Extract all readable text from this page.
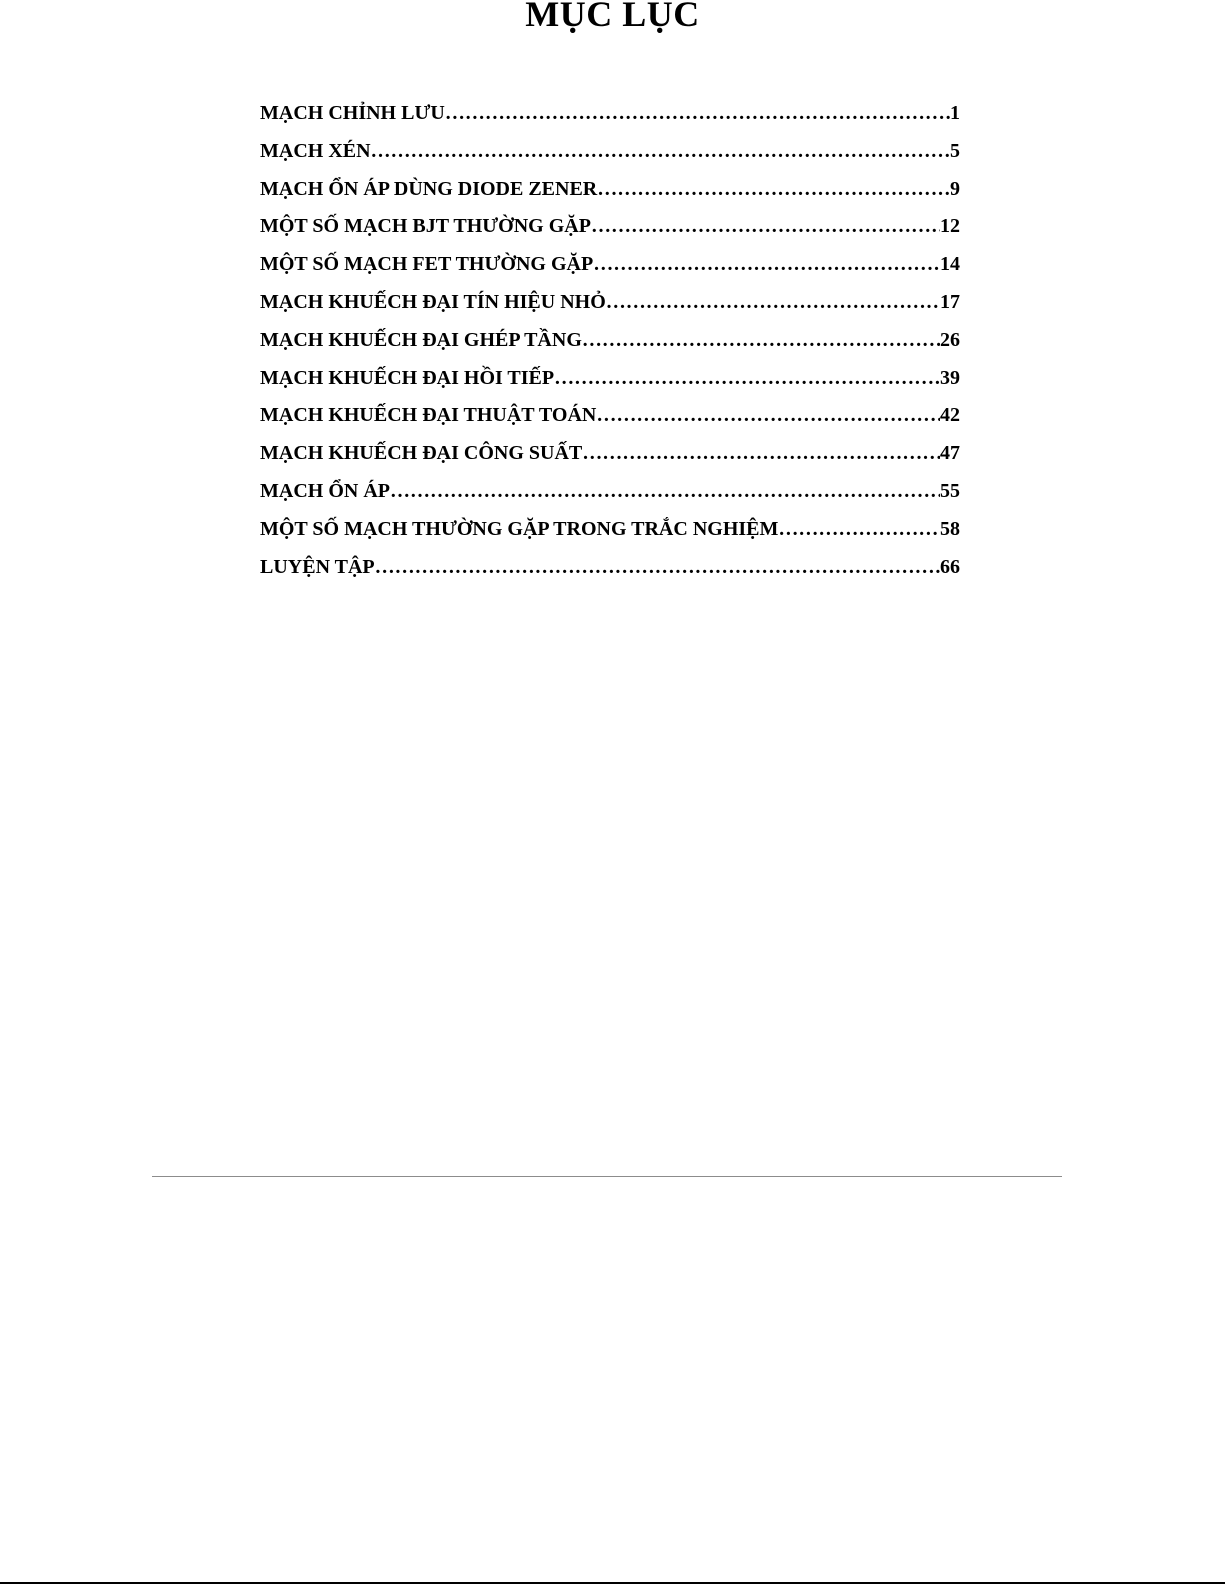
MỤC LỤC
MẠCH CHỈNH LƯU ……………………………………………………………………………………………………………………………………………………………………………………………………………………	1
MẠCH XÉN ……………………………………………………………………………………………………………………………………………………………………………………………………………………	5
MẠCH ỔN ÁP DÙNG DIODE ZENER ……………………………………………………………………………………………………………………………………………………………………………………………………………………	9
MỘT SỐ MẠCH BJT THƯỜNG GẶP ……………………………………………………………………………………………………………………………………………………………………………………………………………………	12
MỘT SỐ MẠCH FET THƯỜNG GẶP ……………………………………………………………………………………………………………………………………………………………………………………………………………………	14
MẠCH KHUẾCH ĐẠI TÍN HIỆU NHỎ ……………………………………………………………………………………………………………………………………………………………………………………………………………………	17
MẠCH KHUẾCH ĐẠI GHÉP TẦNG ……………………………………………………………………………………………………………………………………………………………………………………………………………………	26
MẠCH KHUẾCH ĐẠI HỒI TIẾP ……………………………………………………………………………………………………………………………………………………………………………………………………………………	39
MẠCH KHUẾCH ĐẠI THUẬT TOÁN ……………………………………………………………………………………………………………………………………………………………………………………………………………………	42
MẠCH KHUẾCH ĐẠI CÔNG SUẤT ……………………………………………………………………………………………………………………………………………………………………………………………………………………	47
MẠCH ỔN ÁP ……………………………………………………………………………………………………………………………………………………………………………………………………………………	55
MỘT SỐ MẠCH THƯỜNG GẶP TRONG TRẮC NGHIỆM ……………………………………………………………………………………………………………………………………………………………………………………………………………………	58
LUYỆN TẬP ……………………………………………………………………………………………………………………………………………………………………………………………………………………	66
